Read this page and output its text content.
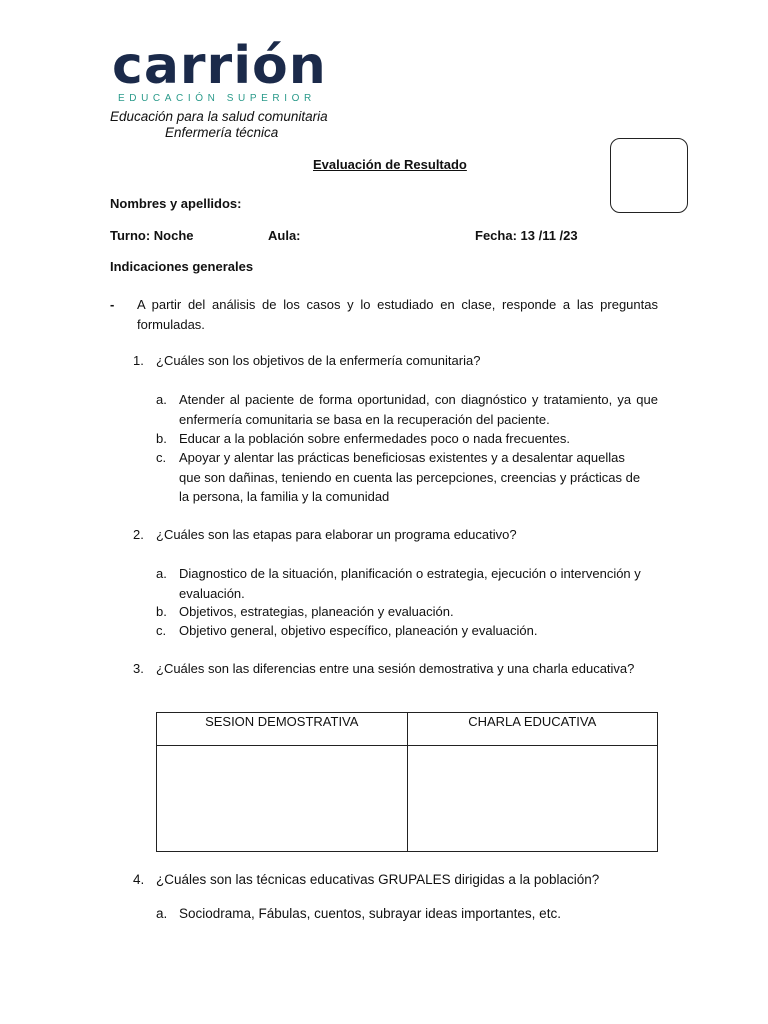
carrión
EDUCACIÓN SUPERIOR
Educación para la salud comunitaria
Enfermería técnica
Evaluación de Resultado
Nombres y apellidos:
Turno: Noche	Aula:	Fecha: 13 /11 /23
Indicaciones generales
- A partir del análisis de los casos y lo estudiado en clase, responde a las preguntas formuladas.
1. ¿Cuáles son los objetivos de la enfermería comunitaria?
a. Atender al paciente de forma oportunidad, con diagnóstico y tratamiento, ya que enfermería comunitaria se basa en la recuperación del paciente.
b. Educar a la población sobre enfermedades poco o nada frecuentes.
c. Apoyar y alentar las prácticas beneficiosas existentes y a desalentar aquellas que son dañinas, teniendo en cuenta las percepciones, creencias y prácticas de la persona, la familia y la comunidad
2. ¿Cuáles son las etapas para elaborar un programa educativo?
a. Diagnostico de la situación, planificación o estrategia, ejecución o intervención y evaluación.
b. Objetivos, estrategias, planeación y evaluación.
c. Objetivo general, objetivo específico, planeación y evaluación.
3. ¿Cuáles son las diferencias entre una sesión demostrativa y una charla educativa?
SESION DEMOSTRATIVA	CHARLA EDUCATIVA

4. ¿Cuáles son las técnicas educativas GRUPALES dirigidas a la población?
a. Sociodrama, Fábulas, cuentos, subrayar ideas importantes, etc.
